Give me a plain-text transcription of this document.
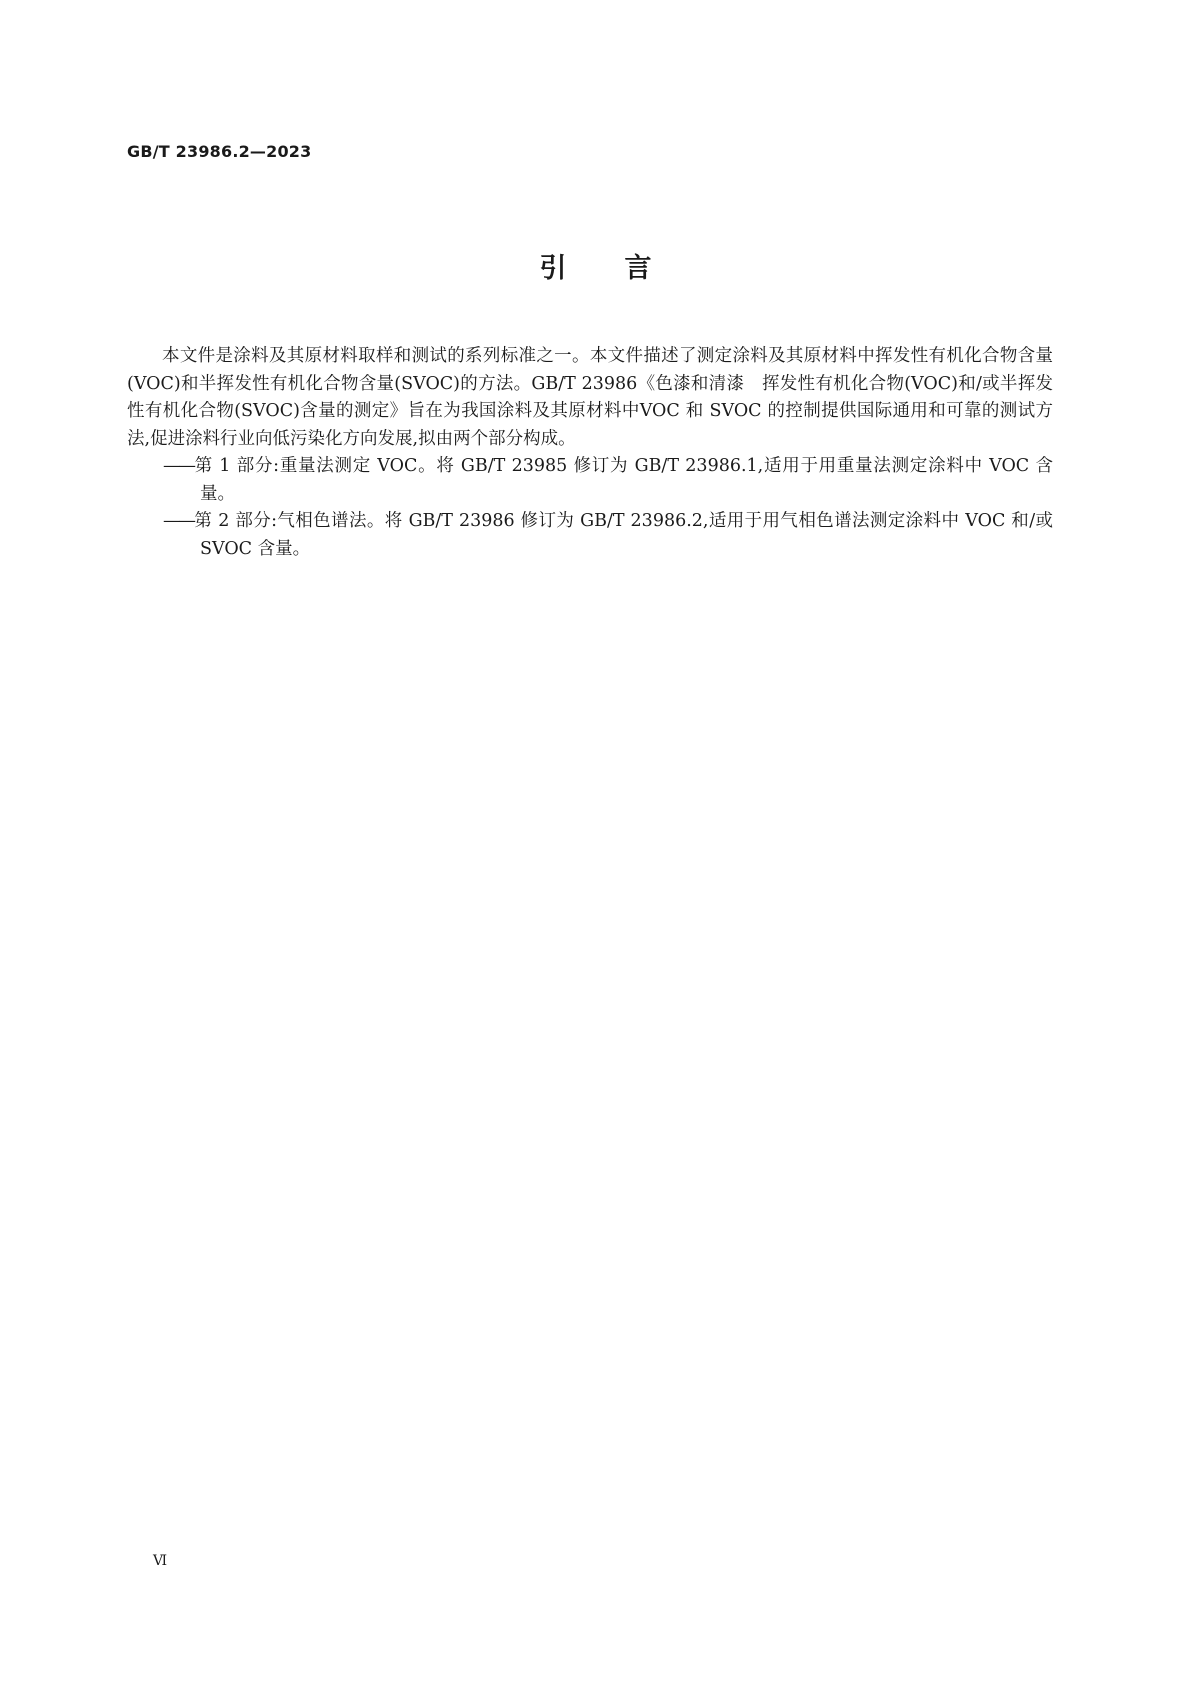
GB/T 23986.2—2023
引言

本文件是涂料及其原材料取样和测试的系列标准之一。本文件描述了测定涂料及其原材料中挥发性有机化合物含量(VOC)和半挥发性有机化合物含量(SVOC)的方法。GB/T 23986《色漆和清漆　挥发性有机化合物(VOC)和/或半挥发性有机化合物(SVOC)含量的测定》旨在为我国涂料及其原材料中VOC 和 SVOC 的控制提供国际通用和可靠的测试方法,促进涂料行业向低污染化方向发展,拟由两个部分构成。

——第 1 部分:重量法测定 VOC。将 GB/T 23985 修订为 GB/T 23986.1,适用于用重量法测定涂料中 VOC 含量。

——第 2 部分:气相色谱法。将 GB/T 23986 修订为 GB/T 23986.2,适用于用气相色谱法测定涂料中 VOC 和/或 SVOC 含量。

Ⅵ
